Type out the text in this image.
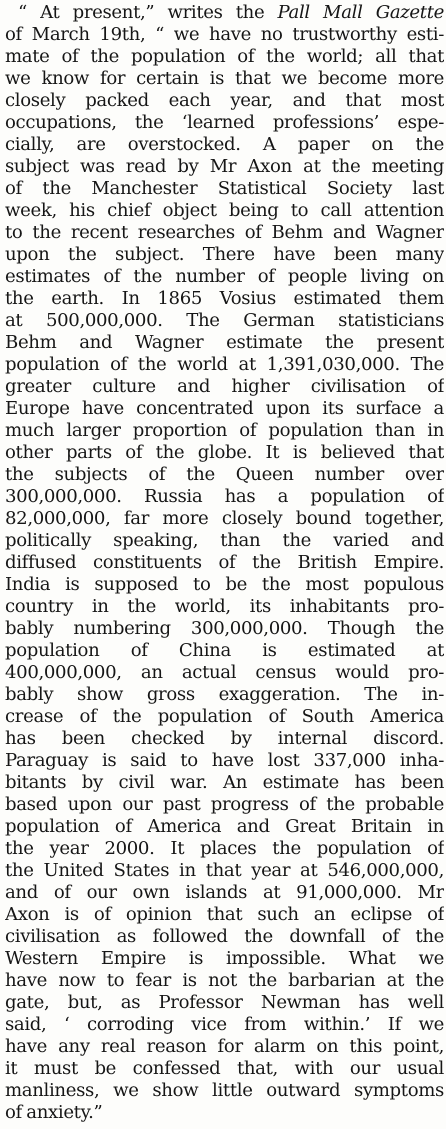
“ At present,” writes the Pall Mall Gazette
of March 19th, “ we have no trustworthy esti-
mate of the population of the world; all that
we know for certain is that we become more
closely packed each year, and that most
occupations, the ‘learned professions’ espe-
cially, are overstocked. A paper on the
subject was read by Mr Axon at the meeting
of the Manchester Statistical Society last
week, his chief object being to call attention
to the recent researches of Behm and Wagner
upon the subject. There have been many
estimates of the number of people living on
the earth. In 1865 Vosius estimated them
at 500,000,000. The German statisticians
Behm and Wagner estimate the present
population of the world at 1,391,030,000. The
greater culture and higher civilisation of
Europe have concentrated upon its surface a
much larger proportion of population than in
other parts of the globe. It is believed that
the subjects of the Queen number over
300,000,000. Russia has a population of
82,000,000, far more closely bound together,
politically speaking, than the varied and
diffused constituents of the British Empire.
India is supposed to be the most populous
country in the world, its inhabitants pro-
bably numbering 300,000,000. Though the
population of China is estimated at
400,000,000, an actual census would pro-
bably show gross exaggeration. The in-
crease of the population of South America
has been checked by internal discord.
Paraguay is said to have lost 337,000 inha-
bitants by civil war. An estimate has been
based upon our past progress of the probable
population of America and Great Britain in
the year 2000. It places the population of
the United States in that year at 546,000,000,
and of our own islands at 91,000,000. Mr
Axon is of opinion that such an eclipse of
civilisation as followed the downfall of the
Western Empire is impossible. What we
have now to fear is not the barbarian at the
gate, but, as Professor Newman has well
said, ‘ corroding vice from within.’ If we
have any real reason for alarm on this point,
it must be confessed that, with our usual
manliness, we show little outward symptoms
of anxiety.”
